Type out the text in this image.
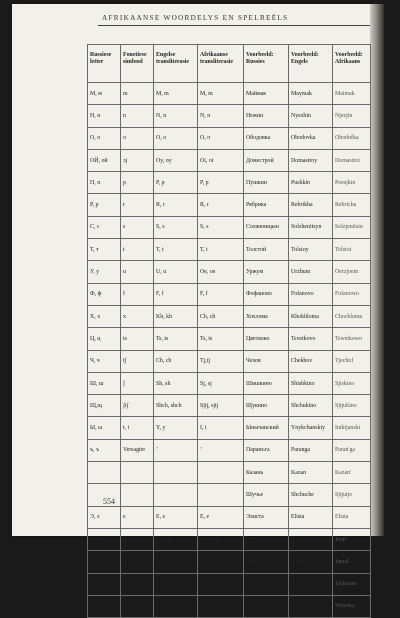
AFRIKAANSE WOORDELYS EN SPELREËLS
554
Russiese letter	Fonetiese simbool	Engelse transliterasie	Afrikaanse transliterasie	Voorbeeld: Russies	Voorbeeld: Engels	Voorbeeld: Afrikaans
М, м	m	M, m	M, m	Маймак	Maymak	Maimak
Н, н	n	N, n	N, n	Нежин	Nyezhin	Njezjin
О, о	o	O, o	O, o	Ободовка	Obodovka	Obodofka
ОЙ, ой	ɔj	Oy, oy	Oi, oi	Доместрой	Domastroy	Domastroi
П, п	p	P, p	P, p	Пушкин	Pushkin	Poesjkin
Р, р	r	R, r	R, r	Рябрика	Rebrikha	Rebricha
С, с	s	S, s	S, s	Солженицын	Solzhenitsyn	Solzjenitsin
Т, т	t	T, t	T, t	Толстой	Tolstoy	Tolstoi
У, у	u	U, u	Oe, oe	Уржум	Urzhum	Oerzjoem
Ф, ф	f	F, f	F, f	Фофаново	Fofanovo	Fofanowo
Х, х	x	Kh, kh	Ch, ch	Хохлома	Khokhloma	Chochloma
Ц, ц	ts	Ts, ts	Ts, ts	Цветково	Tsvetkovo	Tswetkowo
Ч, ч	tʃ	Ch, ch	Tj,tj	Чехов	Chekhov	Tjechof
Ш, ш	ʃ	Sh, sh	Sj, sj	Шишкино	Shishkino	Sjiskino
Щ,щ	ʃtʃ	Shch, shch	Sjtj, sjtj	Щукино	Shchukino	Sjtjukino
Ы, ы	ɨ, i	Y, y	I, i	Ынычанский	Ynykchanskiy	Iniktjanski
ъ, ъ	Versagter	ʼ	ʼ	Паранъга	Paranga	Paran'ga
				Казань	Kazan	Kazan'
				Шучье	Shchuche	Sjtjutje
Э, э	e	E, e	E, e	Элиста	Elista	Elista
Ю, ю	ju	Yu, yu	Joe, joe	Юри	Yuri	Joeri
Я, я	ja	Ya, ya	Ja, ja	Ямал	Yamal	Jamal
				Язъвави	Yazyavan	Jazjawan
				Вязьма	Vyazma	Wjazma
